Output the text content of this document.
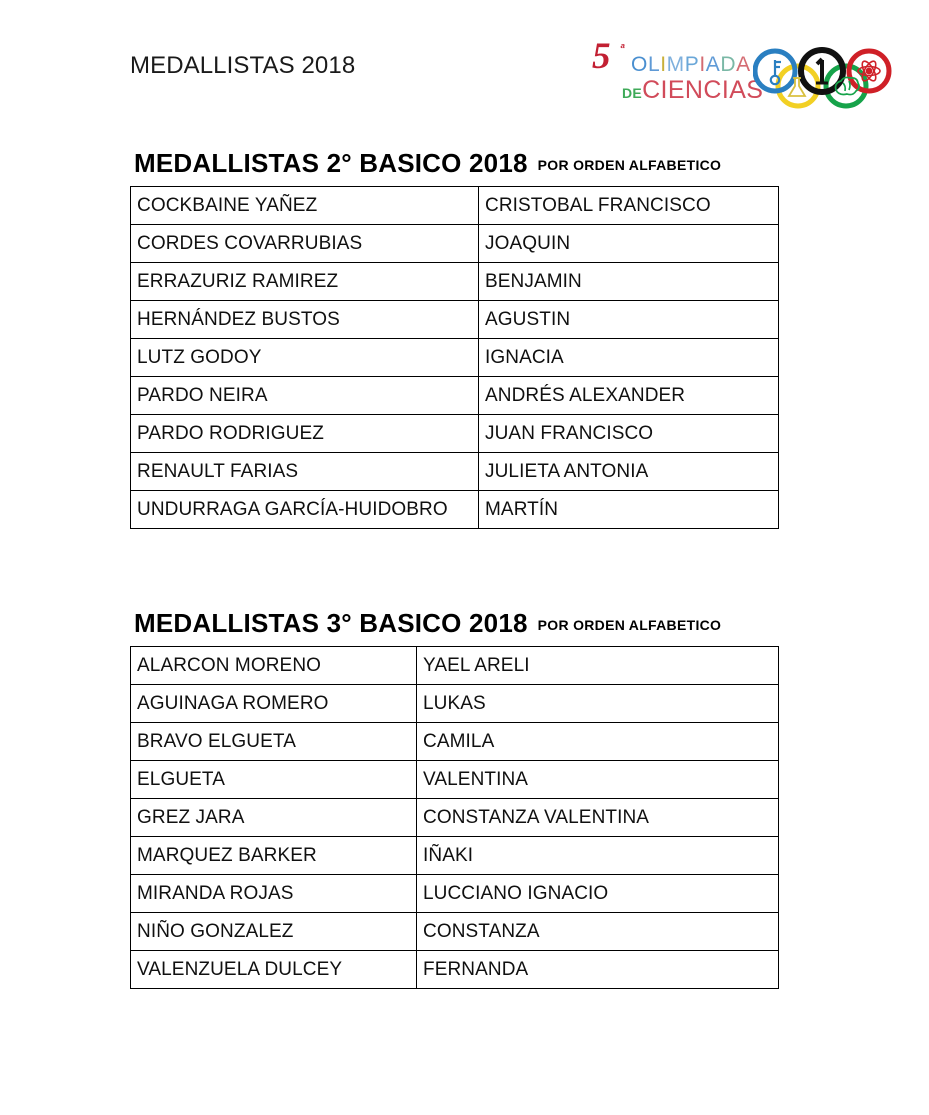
MEDALLISTAS 2018	5 ª
OLIMPIADA
DECIENCIAS
MEDALLISTAS 2° BASICO 2018 POR ORDEN ALFABETICO
COCKBAINE YAÑEZ	CRISTOBAL FRANCISCO
CORDES COVARRUBIAS	JOAQUIN
ERRAZURIZ RAMIREZ	BENJAMIN
HERNÁNDEZ BUSTOS	AGUSTIN
LUTZ GODOY	IGNACIA
PARDO NEIRA	ANDRÉS ALEXANDER
PARDO RODRIGUEZ	JUAN FRANCISCO
RENAULT FARIAS	JULIETA ANTONIA
UNDURRAGA GARCÍA-HUIDOBRO	MARTÍN
MEDALLISTAS 3° BASICO 2018 POR ORDEN ALFABETICO
ALARCON MORENO	YAEL ARELI
AGUINAGA ROMERO	LUKAS
BRAVO ELGUETA	CAMILA
ELGUETA	VALENTINA
GREZ JARA	CONSTANZA VALENTINA
MARQUEZ BARKER	IÑAKI
MIRANDA ROJAS	LUCCIANO IGNACIO
NIÑO GONZALEZ	CONSTANZA
VALENZUELA DULCEY	FERNANDA
